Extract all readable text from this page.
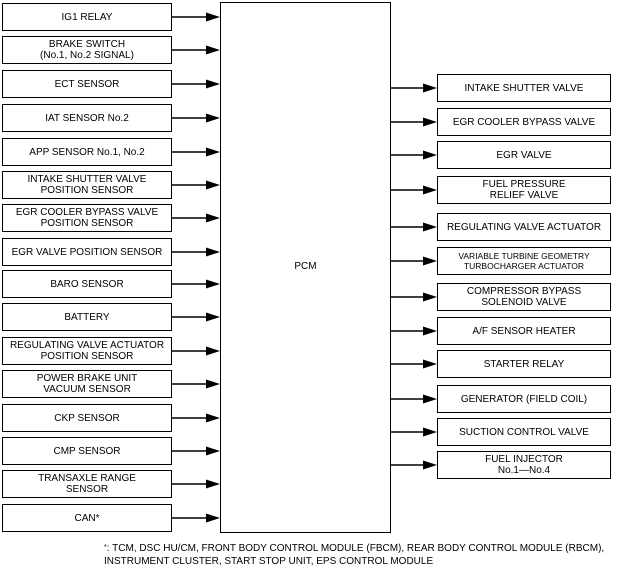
PCM
IG1 RELAY
BRAKE SWITCH
(No.1, No.2 SIGNAL)
ECT SENSOR
IAT SENSOR No.2
APP SENSOR No.1, No.2
INTAKE SHUTTER VALVE
POSITION SENSOR
EGR COOLER BYPASS VALVE
POSITION SENSOR
EGR VALVE POSITION SENSOR
BARO SENSOR
BATTERY
REGULATING VALVE ACTUATOR
POSITION SENSOR
POWER BRAKE UNIT
VACUUM SENSOR
CKP SENSOR
CMP SENSOR
TRANSAXLE RANGE
SENSOR
CAN*
INTAKE SHUTTER VALVE
EGR COOLER BYPASS VALVE
EGR VALVE
FUEL PRESSURE
RELIEF VALVE
REGULATING VALVE ACTUATOR
VARIABLE TURBINE GEOMETRY
TURBOCHARGER ACTUATOR
COMPRESSOR BYPASS
SOLENOID VALVE
A/F SENSOR HEATER
STARTER RELAY
GENERATOR (FIELD COIL)
SUCTION CONTROL VALVE
FUEL INJECTOR
No.1—No.4
*: TCM, DSC HU/CM, FRONT BODY CONTROL MODULE (FBCM), REAR BODY CONTROL MODULE (RBCM),
INSTRUMENT CLUSTER, START STOP UNIT, EPS CONTROL MODULE
